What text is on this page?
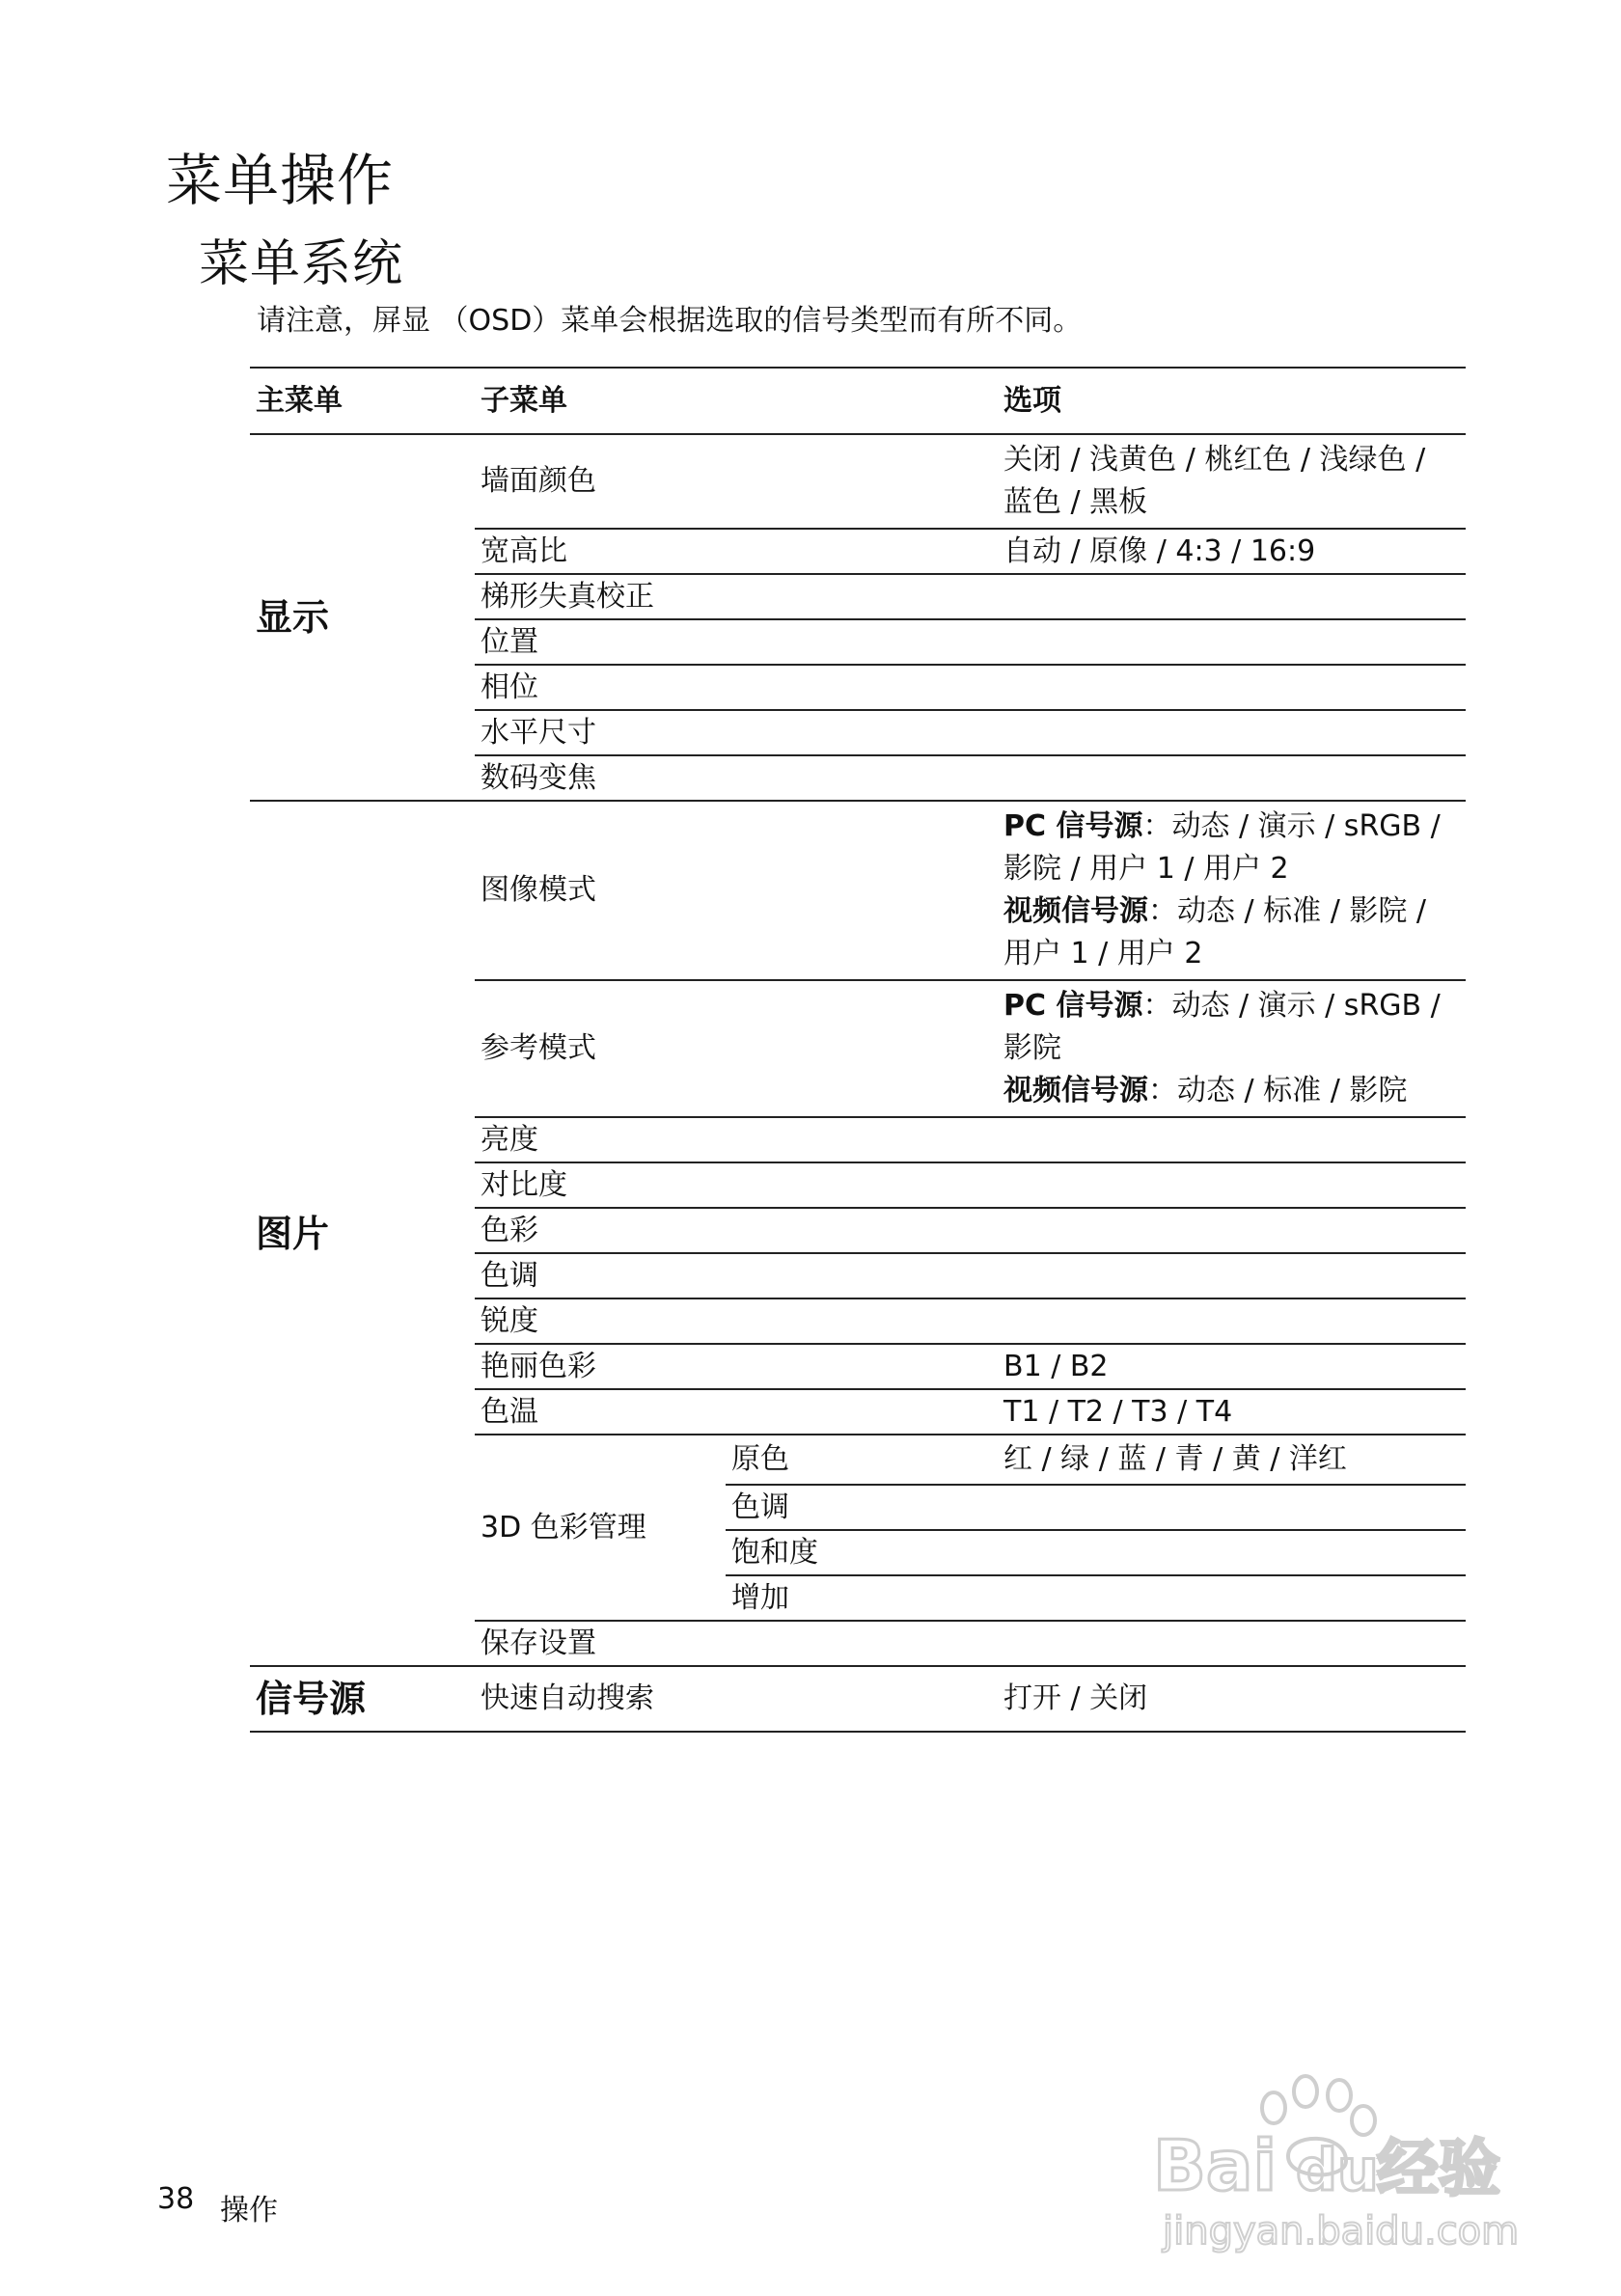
菜单操作
菜单系统
请注意，屏显 （OSD）菜单会根据选取的信号类型而有所不同。
主菜单	子菜单		选项
显示	墙面颜色		关闭 / 浅黄色 / 桃红色 / 浅绿色 /
蓝色 / 黑板

	宽高比		自动 / 原像 / 4:3 / 16:9
	梯形失真校正		
	位置		
	相位		
	水平尺寸		
	数码变焦		
图片	图像模式		PC 信号源：动态 / 演示 / sRGB /
影院 / 用户 1 / 用户 2
视频信号源：动态 / 标准 / 影院 /
用户 1 / 用户 2

	参考模式		PC 信号源：动态 / 演示 / sRGB /
影院
视频信号源：动态 / 标准 / 影院

	亮度		
	对比度		
	色彩		
	色调		
	锐度		
	艳丽色彩		B1 / B2
	色温		T1 / T2 / T3 / T4
	3D 色彩管理	原色	红 / 绿 / 蓝 / 青 / 黄 / 洋红
		色调	
		饱和度	
		增加	
	保存设置		
信号源	快速自动搜索		打开 / 关闭
38 操作
Bai du
经验
jingyan.baidu.com
